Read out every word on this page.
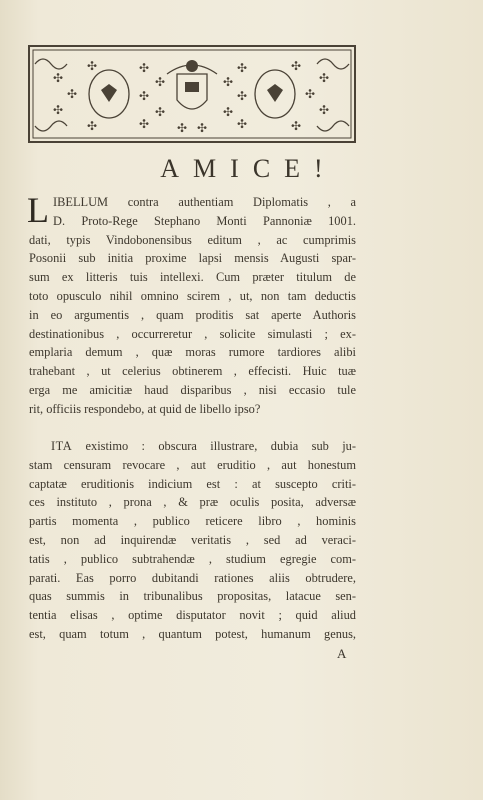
✣
✣
✣
✣
✣
✣
✣
✣
✣
✣
✣
✣
✣
✣
✣
✣
✣
✣
✣
✣
✣ ✣
AMICE!
L IBELLUM contra authentiam Diplomatis , a
D. Proto-Rege Stephano Monti Pannoniæ 1001.
dati, typis Vindobonensibus editum , ac cumprimis
Posonii sub initia proxime lapsi mensis Augusti spar-
sum ex litteris tuis intellexi. Cum præter titulum de
toto opusculo nihil omnino scirem , ut, non tam deductis
in eo argumentis , quam proditis sat aperte Authoris
destinationibus , occurreretur , solicite simulasti ; ex-
emplaria demum , quæ moras rumore tardiores alibi
trahebant , ut celerius obtinerem , effecisti. Huic tuæ
erga me amicitiæ haud disparibus , nisi eccasio tule
rit, officiis respondebo, at quid de libello ipso?
ITA existimo : obscura illustrare, dubia sub ju-
stam censuram revocare , aut eruditio , aut honestum
captatæ eruditionis indicium est : at suscepto criti-
ces instituto , prona , & præ oculis posita, adversæ
partis momenta , publico reticere libro , hominis
est, non ad inquirendæ veritatis , sed ad veraci-
tatis , publico subtrahendæ , studium egregie com-
parati. Eas porro dubitandi rationes aliis obtrudere,
quas summis in tribunalibus propositas, latacue sen-
tentia elisas , optime disputator novit ; quid aliud
est, quam totum , quantum potest, humanum genus,
A
